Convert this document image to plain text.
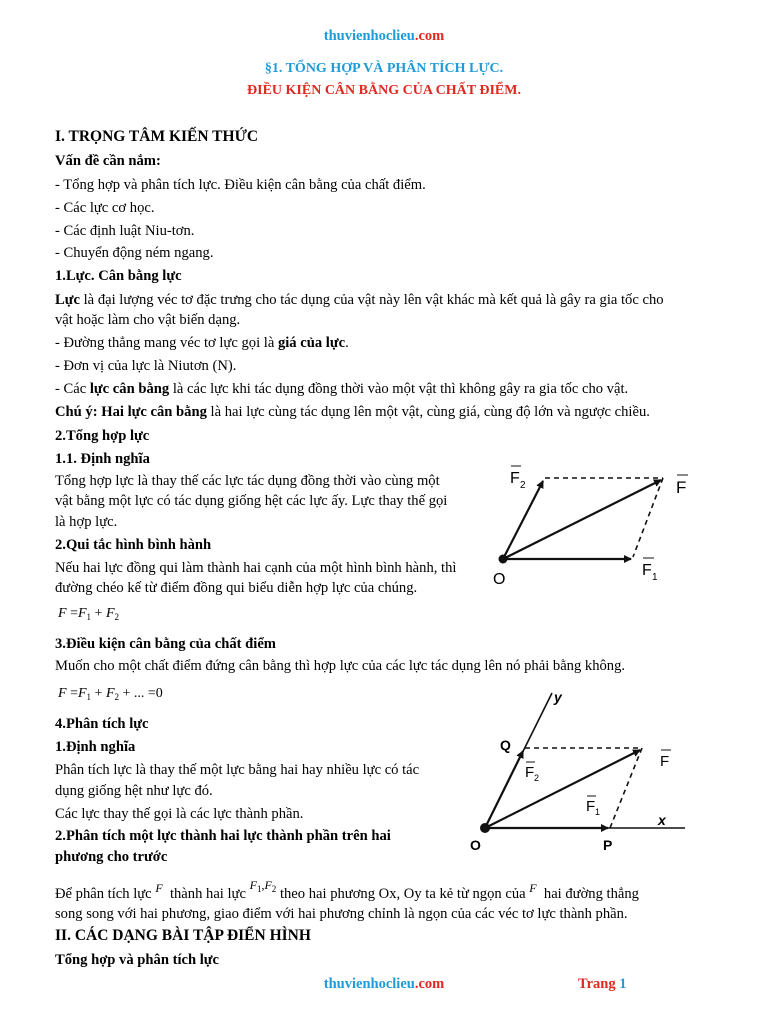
thuvienhoclieu.com
§1. TỔNG HỢP VÀ PHÂN TÍCH LỰC.
ĐIỀU KIỆN CÂN BẰNG CỦA CHẤT ĐIỂM.
I. TRỌNG TÂM KIẾN THỨC
Vấn đề cần nắm:
- Tổng hợp và phân tích lực. Điều kiện cân bằng của chất điểm.
- Các lực cơ học.
- Các định luật Niu-tơn.
- Chuyển động ném ngang.
1.Lực. Cân bằng lực
Lực là đại lượng véc tơ đặc trưng cho tác dụng của vật này lên vật khác mà kết quả là gây ra gia tốc cho
vật hoặc làm cho vật biến dạng.
- Đường thẳng mang véc tơ lực gọi là giá của lực.
- Đơn vị của lực là Niutơn (N).
- Các lực cân bằng là các lực khi tác dụng đồng thời vào một vật thì không gây ra gia tốc cho vật.
Chú ý: Hai lực cân bằng là hai lực cùng tác dụng lên một vật, cùng giá, cùng độ lớn và ngược chiều.
2.Tổng hợp lực
1.1. Định nghĩa
Tổng hợp lực là thay thế các lực tác dụng đồng thời vào cùng một
vật bằng một lực có tác dụng giống hệt các lực ấy. Lực thay thế gọi
là hợp lực.
2.Qui tắc hình bình hành
Nếu hai lực đồng qui làm thành hai cạnh của một hình bình hành, thì
đường chéo kế từ điểm đồng qui biểu diễn hợp lực của chúng.
$F =F_1 + F_2$
3.Điều kiện cân bằng của chất điểm
Muốn cho một chất điểm đứng cân bằng thì hợp lực của các lực tác dụng lên nó phải bằng không.
$F =F_1 + F_2$ + ... =0
4.Phân tích lực
1.Định nghĩa
Phân tích lực là thay thế một lực bằng hai hay nhiều lực có tác
dụng giống hệt như lực đó.
Các lực thay thế gọi là các lực thành phần.
2.Phân tích một lực thành hai lực thành phần trên hai
phương cho trước
Để phân tích lực $^F$ thành hai lực $^{F_1,F_2}$ theo hai phương Ox, Oy ta kẻ từ ngọn của $^F$ hai đường thẳng
song song với hai phương, giao điểm với hai phương chỉnh là ngọn của các véc tơ lực thành phần.
II. CÁC DẠNG BÀI TẬP ĐIỂN HÌNH
Tổng hợp và phân tích lực
F
F 2
F 1
O
y
x
Q
O	P
F
F 2
F 1
thuvienhoclieu.com	Trang 1
